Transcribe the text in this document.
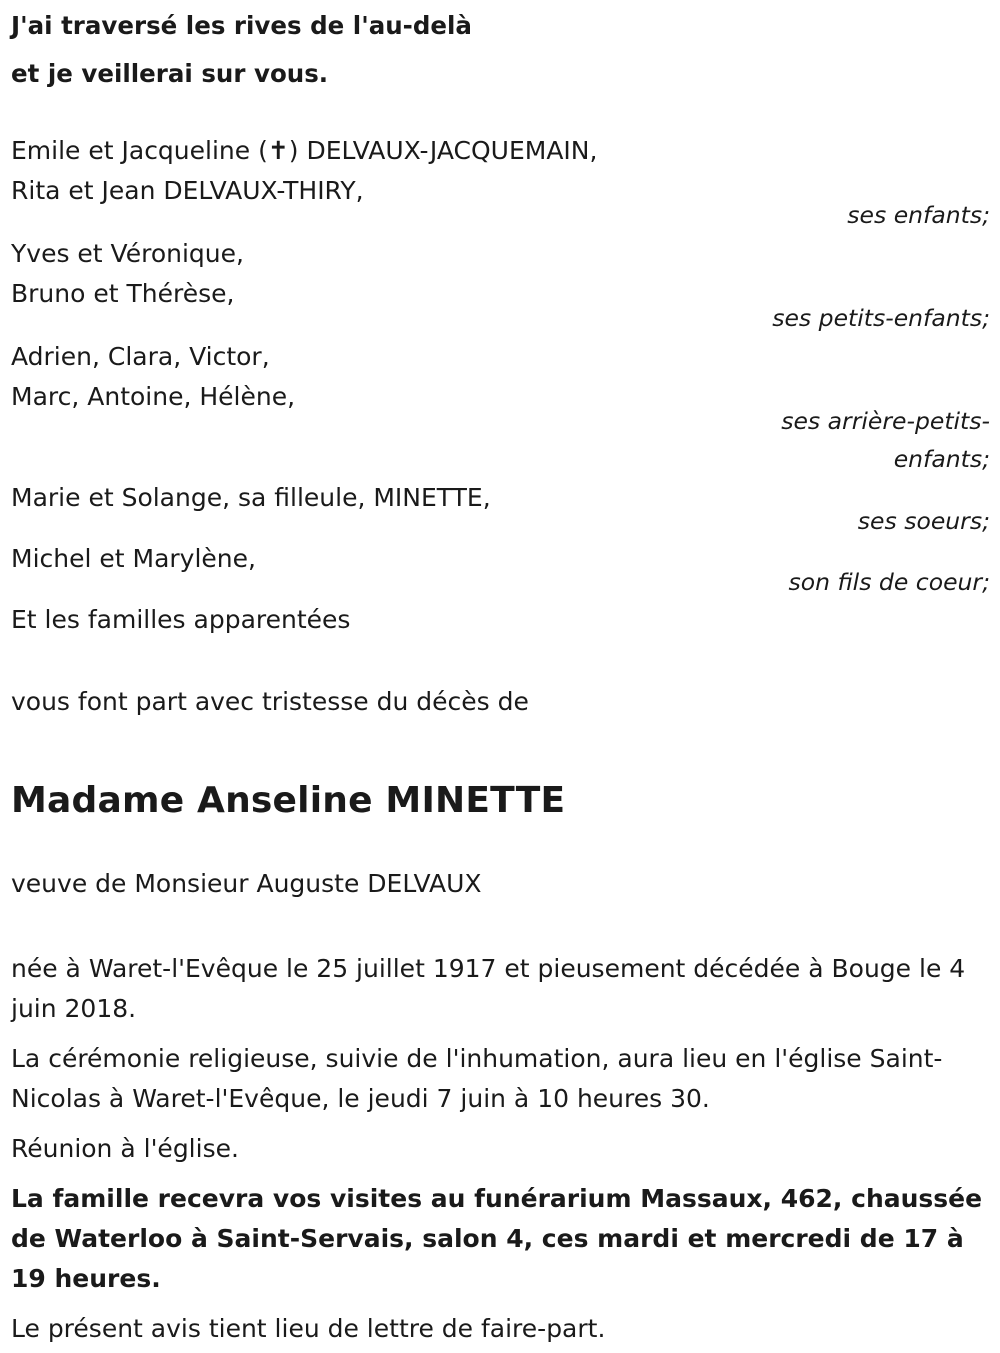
J'ai traversé les rives de l'au-delà

et je veillerai sur vous.

Emile et Jacqueline (✝) DELVAUX-JACQUEMAIN,

Rita et Jean DELVAUX-THIRY,

ses enfants;

Yves et Véronique,

Bruno et Thérèse,

ses petits-enfants;

Adrien, Clara, Victor,

Marc, Antoine, Hélène,

ses arrière-petits-enfants;

Marie et Solange, sa filleule, MINETTE,

ses soeurs;

Michel et Marylène,

son fils de coeur;

Et les familles apparentées

vous font part avec tristesse du décès de

Madame Anseline MINETTE

veuve de Monsieur Auguste DELVAUX

née à Waret-l'Evêque le 25 juillet 1917 et pieusement décédée à Bouge le 4 juin 2018.

La cérémonie religieuse, suivie de l'inhumation, aura lieu en l'église Saint-Nicolas à Waret-l'Evêque, le jeudi 7 juin à 10 heures 30.

Réunion à l'église.

La famille recevra vos visites au funérarium Massaux, 462, chaussée de Waterloo à Saint-Servais, salon 4, ces mardi et mercredi de 17 à 19 heures.

Le présent avis tient lieu de lettre de faire-part.
